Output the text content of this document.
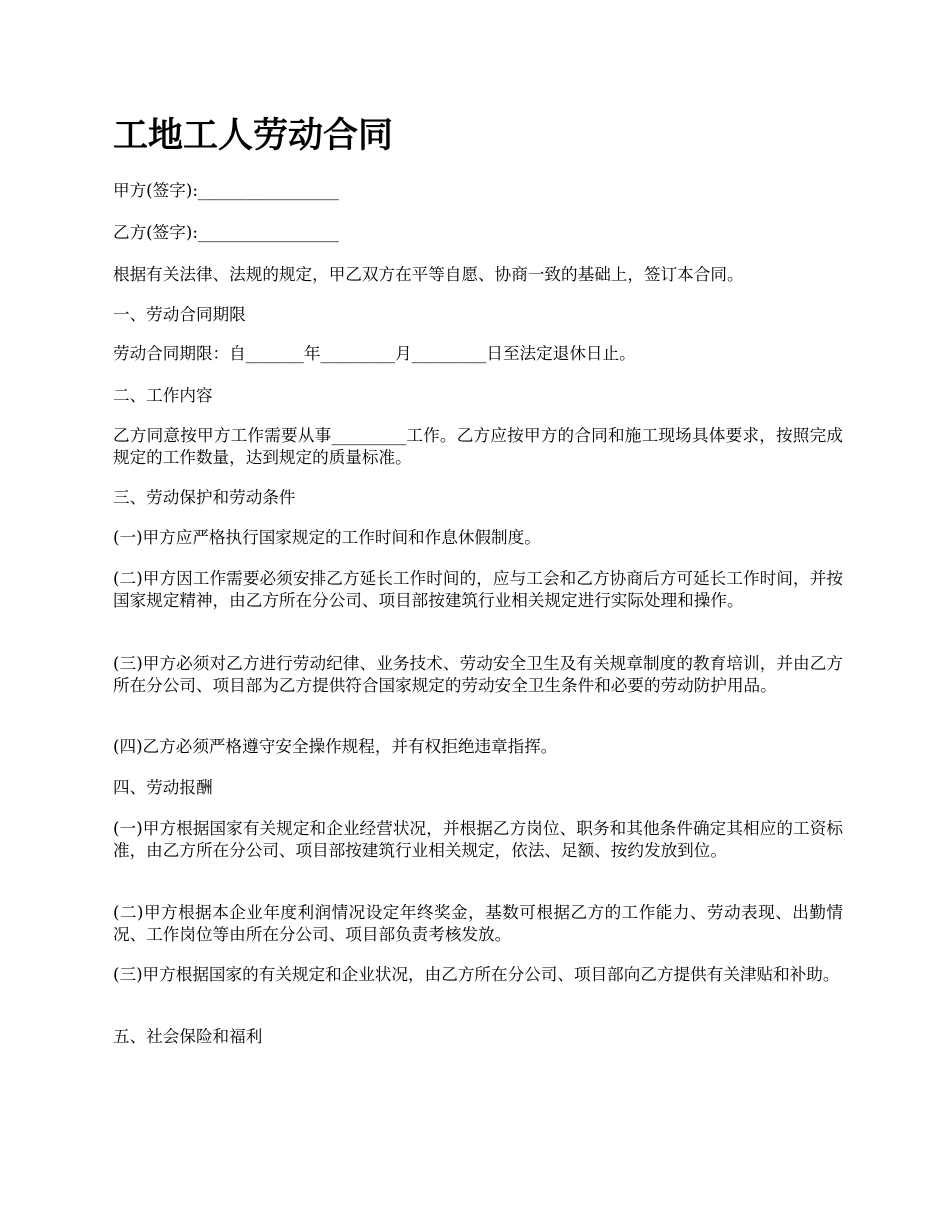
工地工人劳动合同

甲方(签字):_________________

乙方(签字):_________________

根据有关法律、法规的规定，甲乙双方在平等自愿、协商一致的基础上，签订本合同。

一、劳动合同期限

劳动合同期限：自_______年_________月_________日至法定退休日止。

二、工作内容

乙方同意按甲方工作需要从事_________工作。乙方应按甲方的合同和施工现场具体要求，按照完成规定的工作数量，达到规定的质量标准。

三、劳动保护和劳动条件

(一)甲方应严格执行国家规定的工作时间和作息休假制度。

(二)甲方因工作需要必须安排乙方延长工作时间的，应与工会和乙方协商后方可延长工作时间，并按国家规定精神，由乙方所在分公司、项目部按建筑行业相关规定进行实际处理和操作。

(三)甲方必须对乙方进行劳动纪律、业务技术、劳动安全卫生及有关规章制度的教育培训，并由乙方所在分公司、项目部为乙方提供符合国家规定的劳动安全卫生条件和必要的劳动防护用品。

(四)乙方必须严格遵守安全操作规程，并有权拒绝违章指挥。

四、劳动报酬

(一)甲方根据国家有关规定和企业经营状况，并根据乙方岗位、职务和其他条件确定其相应的工资标准，由乙方所在分公司、项目部按建筑行业相关规定，依法、足额、按约发放到位。

(二)甲方根据本企业年度利润情况设定年终奖金，基数可根据乙方的工作能力、劳动表现、出勤情况、工作岗位等由所在分公司、项目部负责考核发放。

(三)甲方根据国家的有关规定和企业状况，由乙方所在分公司、项目部向乙方提供有关津贴和补助。

五、社会保险和福利
